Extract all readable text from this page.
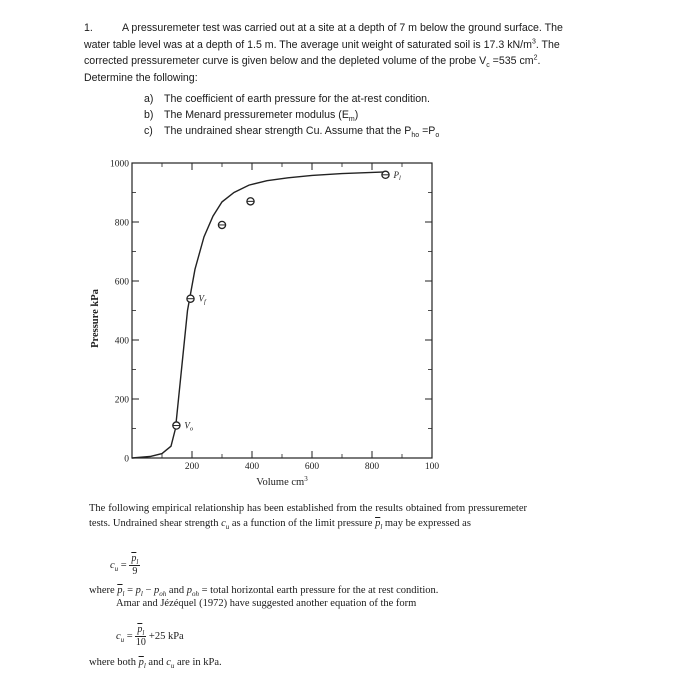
1.	A pressuremeter test was carried out at a site at a depth of 7 m below the ground surface. The

water table level was at a depth of 1.5 m. The average unit weight of saturated soil is 17.3 $kN/m^3$. The

corrected pressuremeter curve is given below and the depleted volume of the probe $V_c =535$ $cm^2$.

Determine the following:

a) The coefficient of earth pressure for the at-rest condition.
b) The Menard pressuremeter modulus $(E_m)$
c) The undrained shear strength Cu. Assume that the $P_{ho} =P_o$
0
200
400
600
800
1000
200	400	600	800	100
$V_o$
$V_f$
$P_l$
Volume $cm^3$
Pressure kPa
The following empirical relationship has been established from the results obtained from pressuremeter tests. Undrained shear strength $c_u$ as a function of the limit pressure $\overline{p}_l$ may be expressed as
$c_u = \frac{\overline{p}_l}{9}$
where $\overline{p}_l = p_l - p_{oh}$ and $p_{oh}$ = total horizontal earth pressure for the at rest condition.
Amar and Jézéquel (1972) have suggested another equation of the form
$c_u = \frac{\overline{p}_l}{10} +25$ kPa
where both $\overline{p}_l$ and $c_u$ are in kPa.
